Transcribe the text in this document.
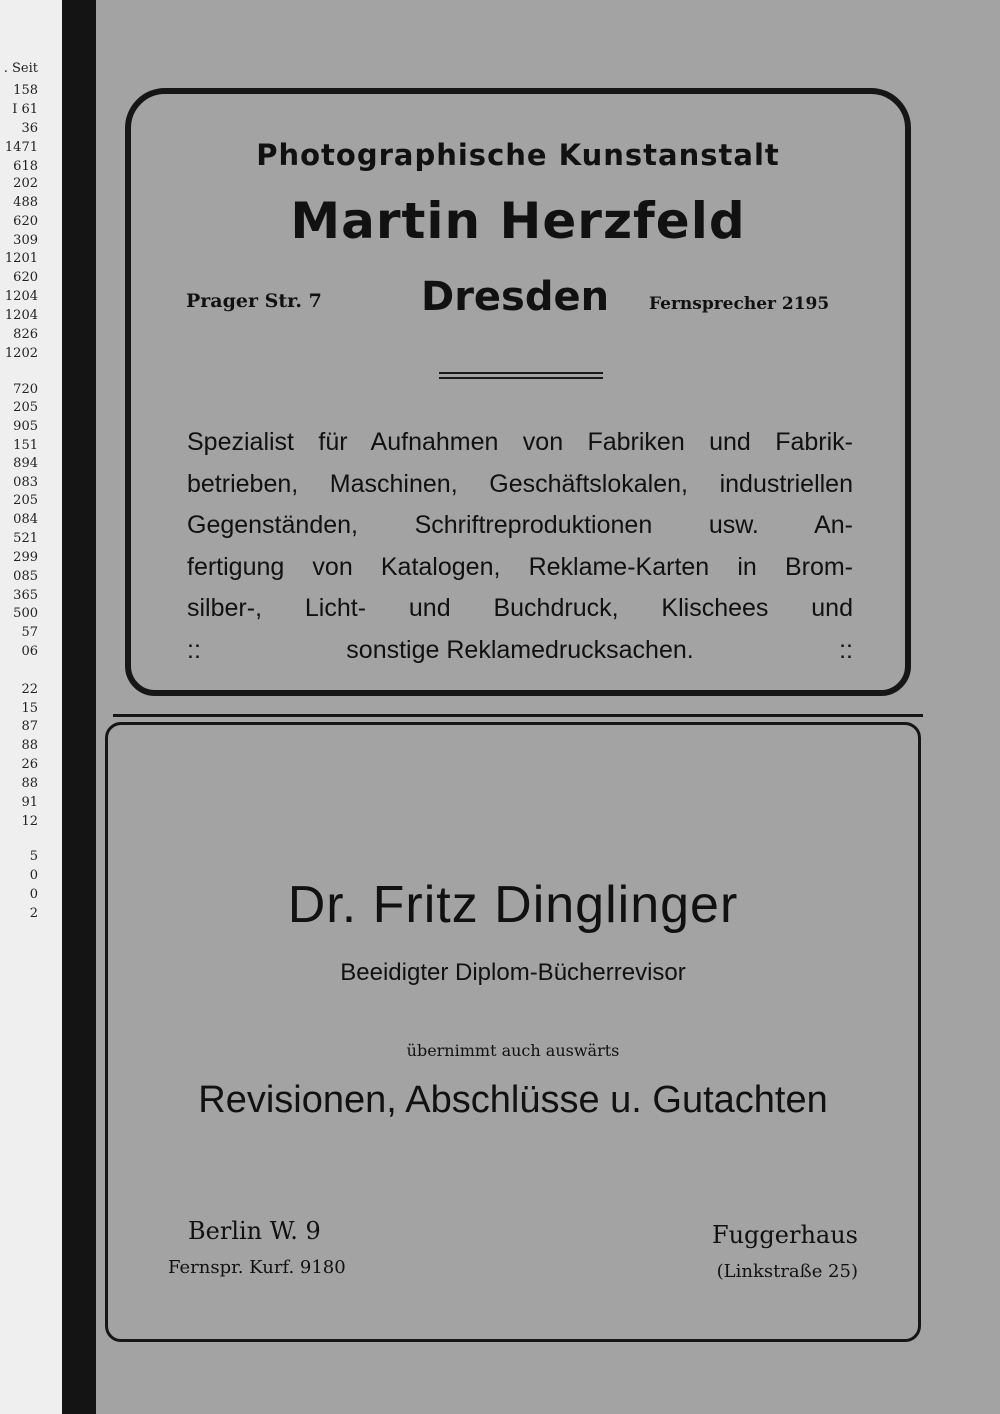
. Seit
158
I 61
36
1471
618
202
488
620
309
1201
620
1204
1204
826
1202
720
205
905
151
894
083
205
084
521
299
085
365
500
57
06
22
15
87
88
26
88
91
12
5
0
0
2
Photographische Kunstanstalt
Martin Herzfeld
Prager Str. 7 Dresden Fernsprecher 2195
Spezialist für Aufnahmen von Fabriken und Fabrik-
betrieben, Maschinen, Geschäftslokalen, industriellen
Gegenständen, Schriftreproduktionen usw. An-
fertigung von Katalogen, Reklame-Karten in Brom-
silber-, Licht- und Buchdruck, Klischees und
::	sonstige Reklamedrucksachen.	::
Dr. Fritz Dinglinger
Beeidigter Diplom-Bücherrevisor
übernimmt auch auswärts
Revisionen, Abschlüsse u. Gutachten
Berlin W. 9
Fernspr. Kurf. 9180
Fuggerhaus
(Linkstraße 25)
